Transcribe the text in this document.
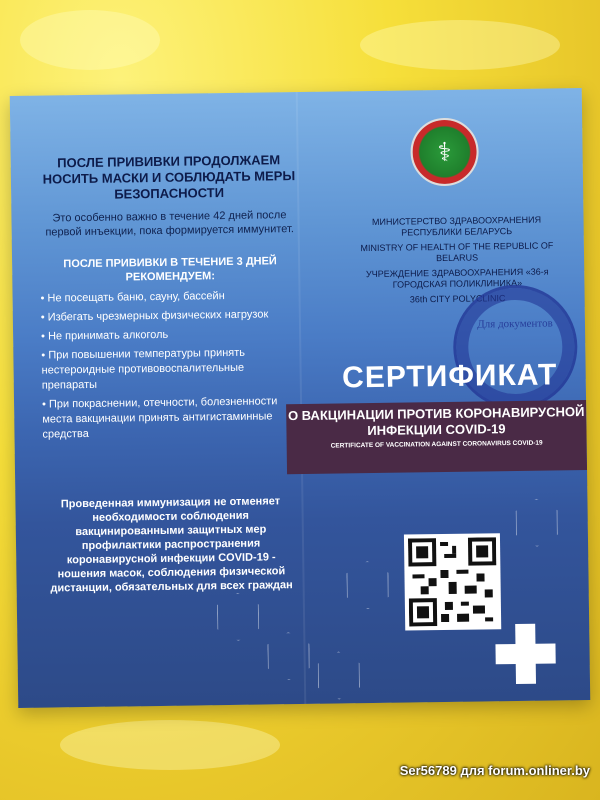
ПОСЛЕ ПРИВИВКИ ПРОДОЛЖАЕМ НОСИТЬ МАСКИ И СОБЛЮДАТЬ МЕРЫ БЕЗОПАСНОСТИ
Это особенно важно в течение 42 дней после первой инъекции, пока формируется иммунитет.
ПОСЛЕ ПРИВИВКИ В ТЕЧЕНИЕ 3 ДНЕЙ РЕКОМЕНДУЕМ:
• Не посещать баню, сауну, бассейн
• Избегать чрезмерных физических нагрузок
• Не принимать алкоголь
• При повышении температуры принять нестероидные противовоспалительные препараты
• При покраснении, отечности, болезненности места вакцинации принять антигистаминные средства
Проведенная иммунизация не отменяет необходимости соблюдения вакцинированными защитных мер профилактики распространения коронавирусной инфекции COVID-19 - ношения масок, соблюдения физической дистанции, обязательных для всех граждан
⚕
МИНИСТЕРСТВО ЗДРАВООХРАНЕНИЯ РЕСПУБЛИКИ БЕЛАРУСЬ
MINISTRY OF HEALTH OF THE REPUBLIC OF BELARUS
УЧРЕЖДЕНИЕ ЗДРАВООХРАНЕНИЯ «36-я ГОРОДСКАЯ ПОЛИКЛИНИКА»
36th CITY POLYCLINIC
Для документов
СЕРТИФИКАТ
О ВАКЦИНАЦИИ ПРОТИВ КОРОНАВИРУСНОЙ ИНФЕКЦИИ COVID-19
CERTIFICATE OF VACCINATION AGAINST CORONAVIRUS COVID-19
Ser56789 для forum.onliner.by
